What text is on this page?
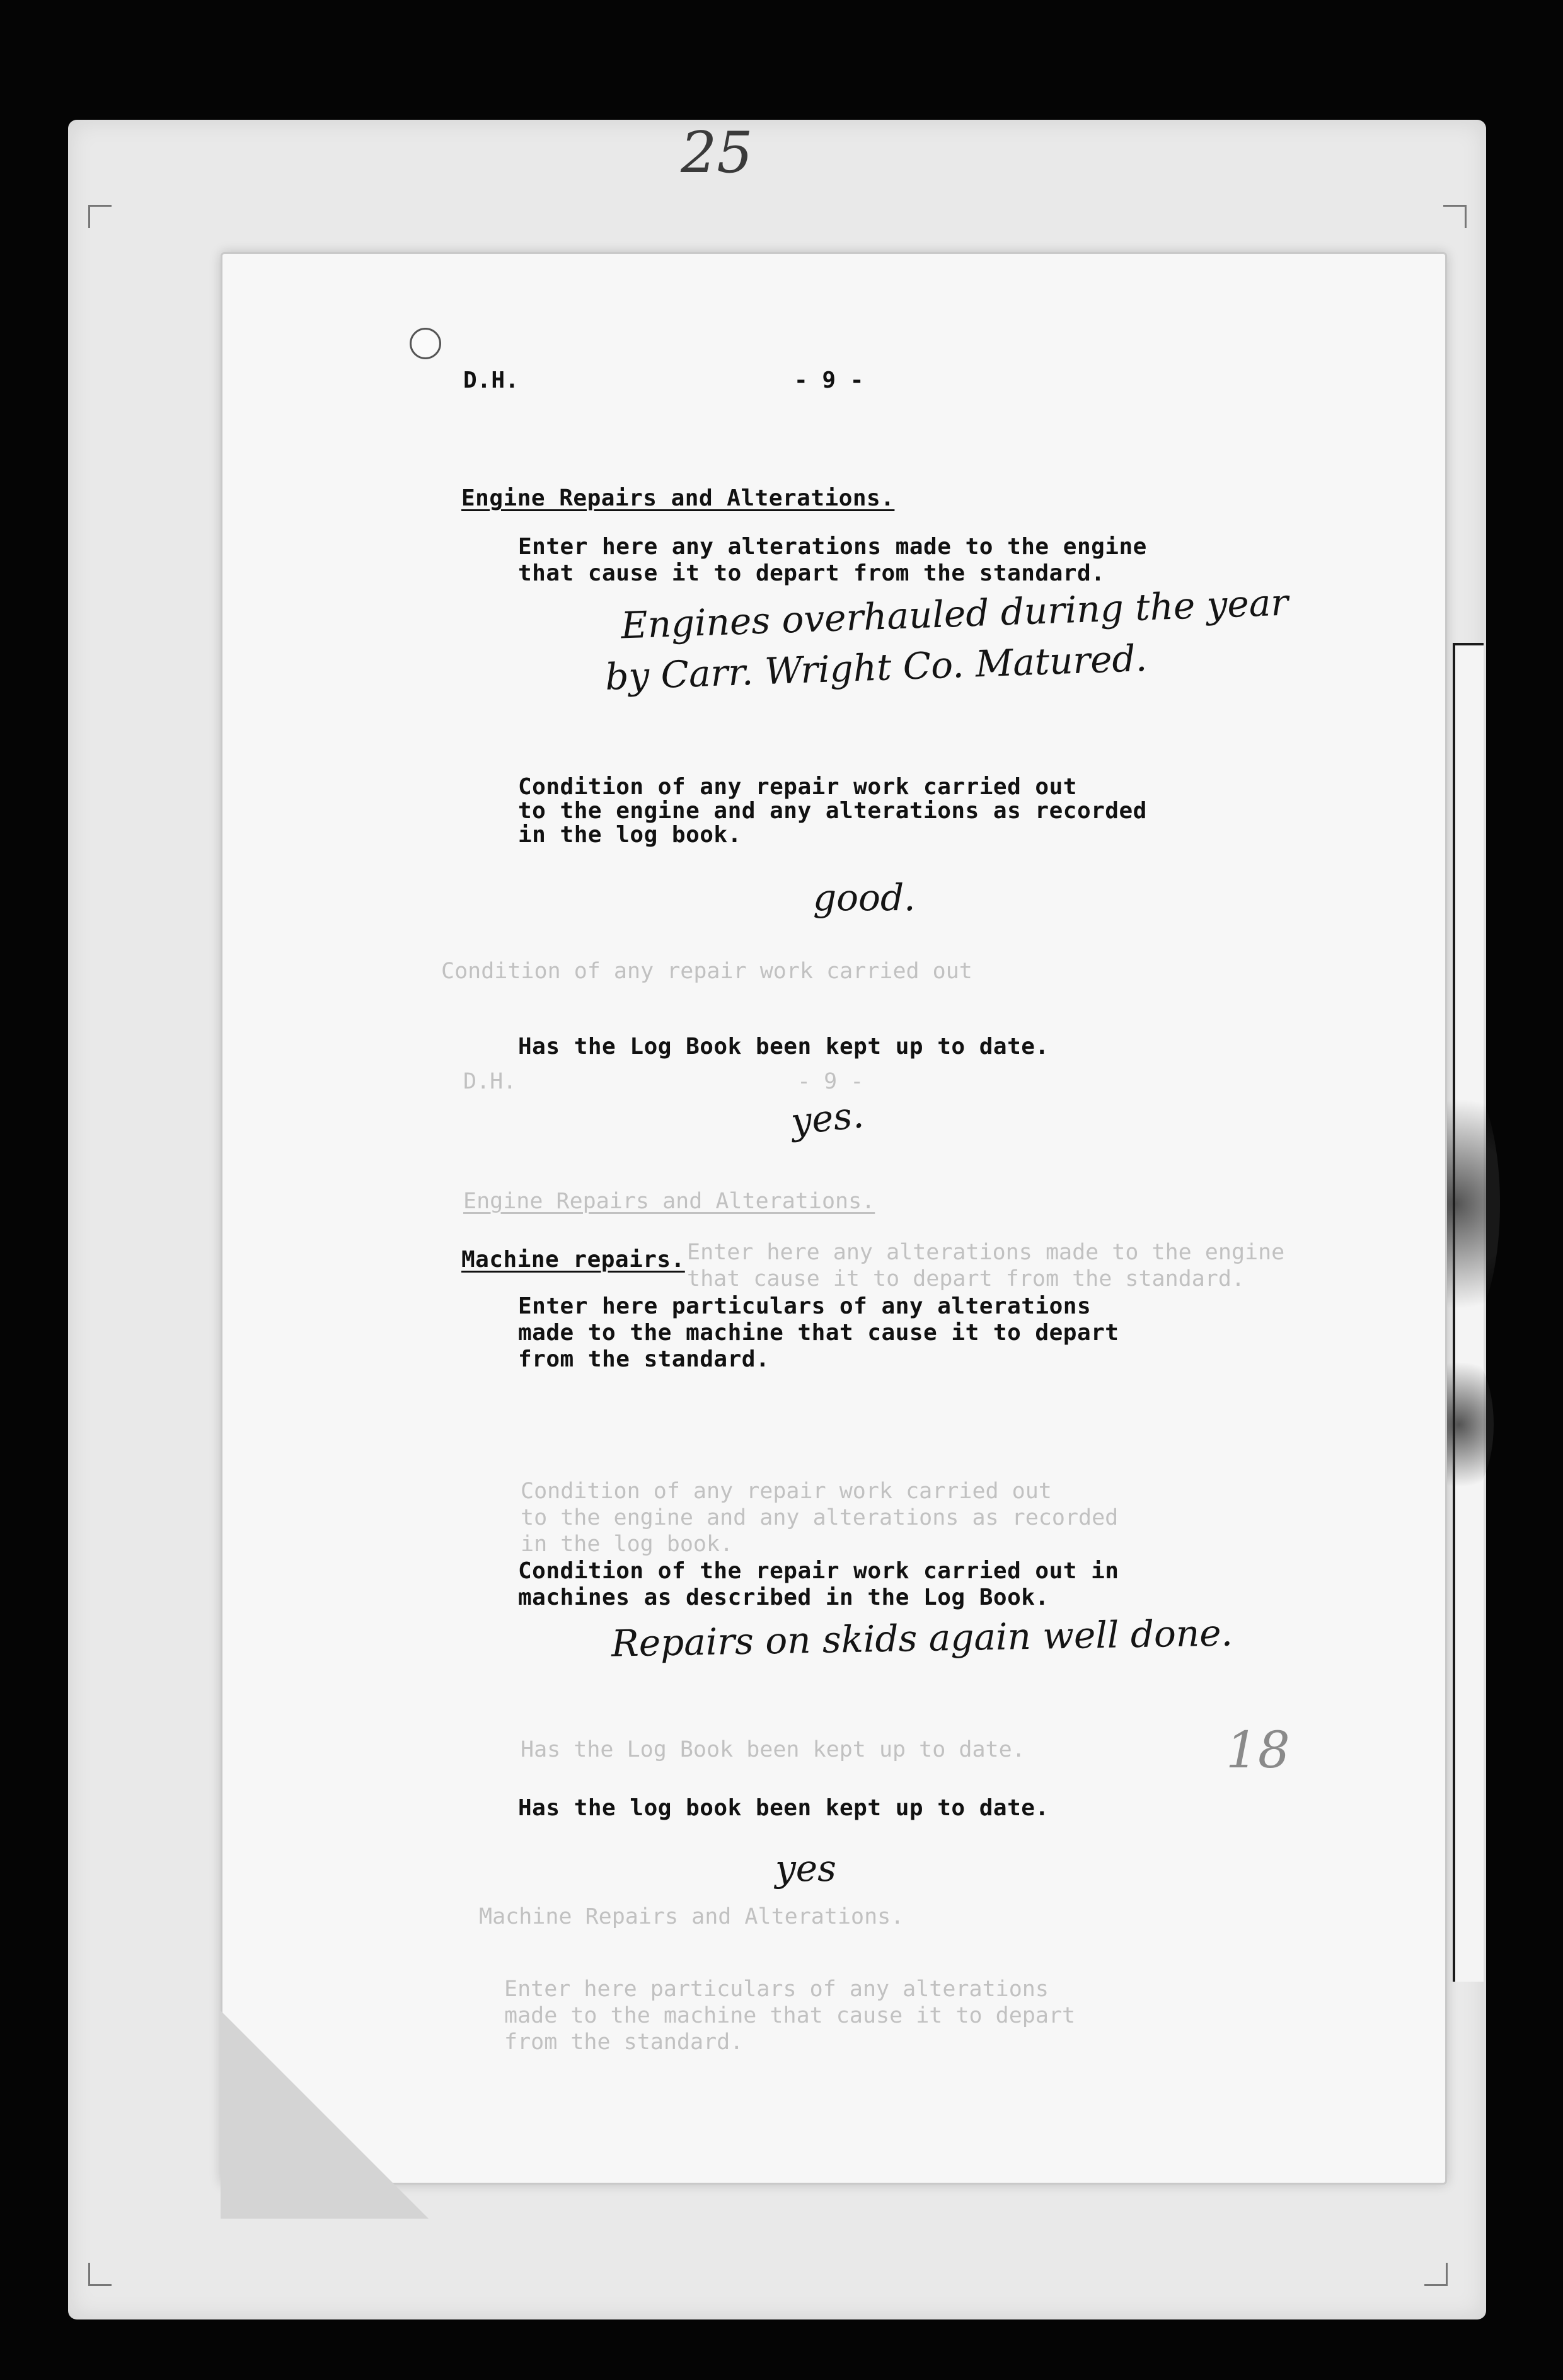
25
Condition of any repair work carried out
D.H.	- 9 -
Engine Repairs and Alterations.
Enter here any alterations made to the engine
that cause it to depart from the standard.
Condition of any repair work carried out
to the engine and any alterations as recorded
in the log book.
Has the Log Book been kept up to date.
Machine Repairs and Alterations.
Enter here particulars of any alterations
made to the machine that cause it to depart
from the standard.
D.H.	- 9 -
Engine Repairs and Alterations.
Enter here any alterations made to the engine
that cause it to depart from the standard.
Engines overhauled during the year
by Carr. Wright Co. Matured.
Condition of any repair work carried out
to the engine and any alterations as recorded
in the log book.
good.
Has the Log Book been kept up to date.
yes.
Machine repairs.
Enter here particulars of any alterations
made to the machine that cause it to depart
from the standard.
Condition of the repair work carried out in
machines as described in the Log Book.
Repairs on skids again well done.
Has the log book been kept up to date.
yes
18
